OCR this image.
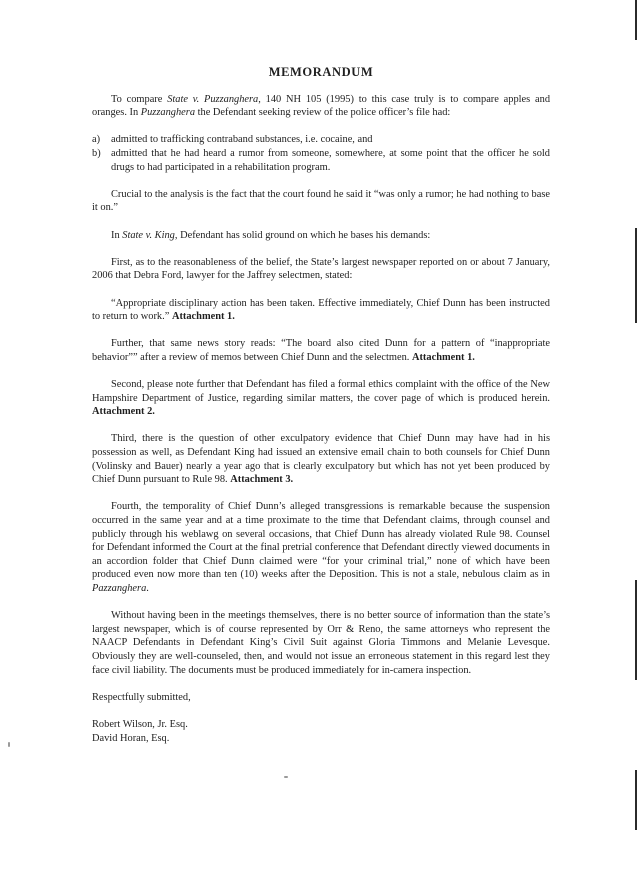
MEMORANDUM

To compare State v. Puzzanghera, 140 NH 105 (1995) to this case truly is to compare apples and oranges. In Puzzanghera the Defendant seeking review of the police officer’s file had:

a)	admitted to trafficking contraband substances, i.e. cocaine, and
b) admitted that he had heard a rumor from someone, somewhere, at some point that the officer he sold drugs to had participated in a rehabilitation program.

Crucial to the analysis is the fact that the court found he said it “was only a rumor; he had nothing to base it on.”

In State v. King, Defendant has solid ground on which he bases his demands:

First, as to the reasonableness of the belief, the State’s largest newspaper reported on or about 7 January, 2006 that Debra Ford, lawyer for the Jaffrey selectmen, stated:

“Appropriate disciplinary action has been taken. Effective immediately, Chief Dunn has been instructed to return to work.” Attachment 1.

Further, that same news story reads: “The board also cited Dunn for a pattern of “inappropriate behavior”” after a review of memos between Chief Dunn and the selectmen. Attachment 1.

Second, please note further that Defendant has filed a formal ethics complaint with the office of the New Hampshire Department of Justice, regarding similar matters, the cover page of which is produced herein. Attachment 2.

Third, there is the question of other exculpatory evidence that Chief Dunn may have had in his possession as well, as Defendant King had issued an extensive email chain to both counsels for Chief Dunn (Volinsky and Bauer) nearly a year ago that is clearly exculpatory but which has not yet been produced by Chief Dunn pursuant to Rule 98. Attachment 3.

Fourth, the temporality of Chief Dunn’s alleged transgressions is remarkable because the suspension occurred in the same year and at a time proximate to the time that Defendant claims, through counsel and publicly through his weblawg on several occasions, that Chief Dunn has already violated Rule 98. Counsel for Defendant informed the Court at the final pretrial conference that Defendant directly viewed documents in an accordion folder that Chief Dunn claimed were “for your criminal trial,” none of which have been produced even now more than ten (10) weeks after the Deposition. This is not a stale, nebulous claim as in Pazzanghera.

Without having been in the meetings themselves, there is no better source of information than the state’s largest newspaper, which is of course represented by Orr & Reno, the same attorneys who represent the NAACP Defendants in Defendant King’s Civil Suit against Gloria Timmons and Melanie Levesque. Obviously they are well-counseled, then, and would not issue an erroneous statement in this regard lest they face civil liability. The documents must be produced immediately for in-camera inspection.

Respectfully submitted,

Robert Wilson, Jr. Esq.
David Horan, Esq.
